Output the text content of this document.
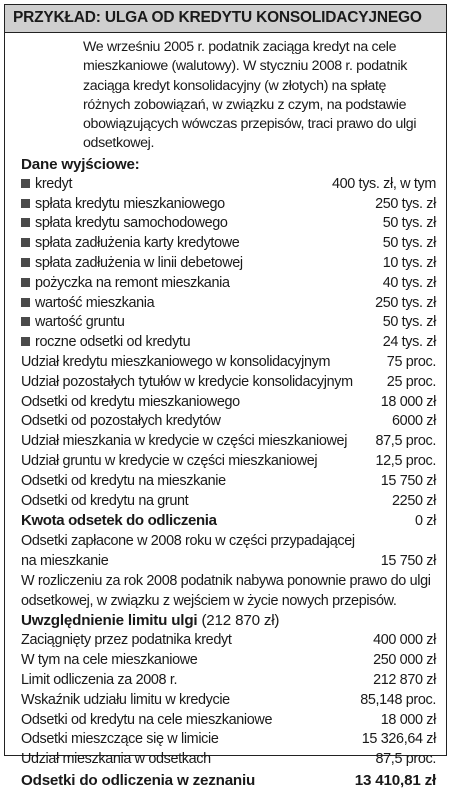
PRZYKŁAD: ULGA OD KREDYTU KONSOLIDACYJNEGO
We wrześniu 2005 r. podatnik zaciąga kredyt na cele mieszkaniowe (walutowy). W styczniu 2008 r. podatnik zaciąga kredyt konsolidacyjny (w złotych) na spłatę różnych zobowiązań, w związku z czym, na podstawie obowiązujących wówczas przepisów, traci prawo do ulgi odsetkowej.
Dane wyjściowe:
kredyt	400 tys. zł, w tym
spłata kredytu mieszkaniowego	250 tys. zł
spłata kredytu samochodowego	50 tys. zł
spłata zadłużenia karty kredytowe	50 tys. zł
spłata zadłużenia w linii debetowej	10 tys. zł
pożyczka na remont mieszkania	40 tys. zł
wartość mieszkania	250 tys. zł
wartość gruntu	50 tys. zł
roczne odsetki od kredytu	24 tys. zł
Udział kredytu mieszkaniowego w konsolidacyjnym	75 proc.
Udział pozostałych tytułów w kredycie konsolidacyjnym	25 proc.
Odsetki od kredytu mieszkaniowego	18 000 zł
Odsetki od pozostałych kredytów	6000 zł
Udział mieszkania w kredycie w części mieszkaniowej	87,5 proc.
Udział gruntu w kredycie w części mieszkaniowej	12,5 proc.
Odsetki od kredytu na mieszkanie	15 750 zł
Odsetki od kredytu na grunt	2250 zł
Kwota odsetek do odliczenia	0 zł
Odsetki zapłacone w 2008 roku w części przypadającej
na mieszkanie	15 750 zł
W rozliczeniu za rok 2008 podatnik nabywa ponownie prawo do ulgi
odsetkowej, w związku z wejściem w życie nowych przepisów.
Uwzględnienie limitu ulgi (212 870 zł)
Zaciągnięty przez podatnika kredyt	400 000 zł
W tym na cele mieszkaniowe	250 000 zł
Limit odliczenia za 2008 r.	212 870 zł
Wskaźnik udziału limitu w kredycie	85,148 proc.
Odsetki od kredytu na cele mieszkaniowe	18 000 zł
Odsetki mieszczące się w limicie	15 326,64 zł
Udział mieszkania w odsetkach	87,5 proc.
Odsetki do odliczenia w zeznaniu	13 410,81 zł
